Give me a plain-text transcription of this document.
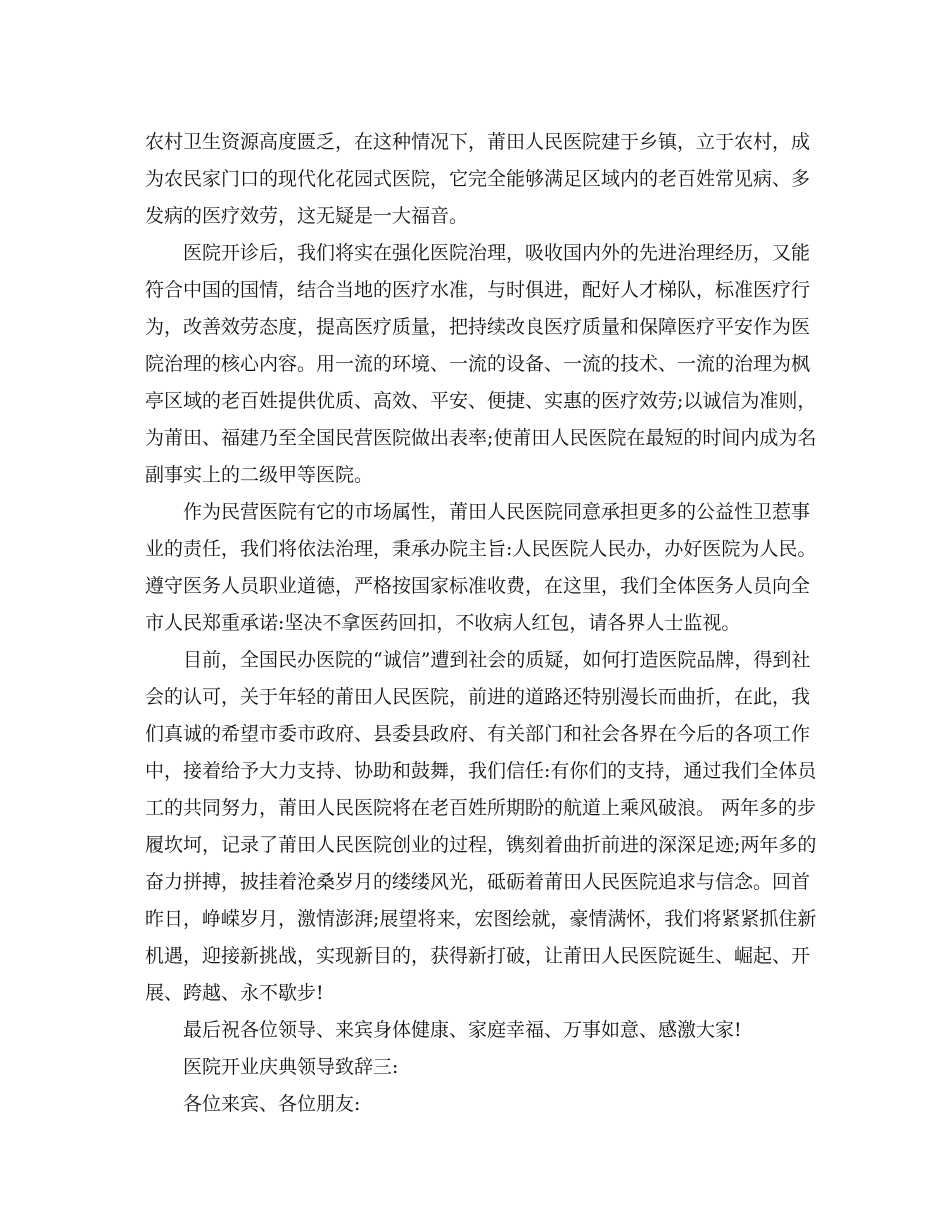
农村卫生资源高度匮乏，在这种情况下，莆田人民医院建于乡镇，立于农村，成
为农民家门口的现代化花园式医院，它完全能够满足区域内的老百姓常见病、多
发病的医疗效劳，这无疑是一大福音。
医院开诊后，我们将实在强化医院治理，吸收国内外的先进治理经历，又能
符合中国的国情，结合当地的医疗水准，与时俱进，配好人才梯队，标准医疗行
为，改善效劳态度，提高医疗质量，把持续改良医疗质量和保障医疗平安作为医
院治理的核心内容。用一流的环境、一流的设备、一流的技术、一流的治理为枫
亭区域的老百姓提供优质、高效、平安、便捷、实惠的医疗效劳;以诚信为准则，
为莆田、福建乃至全国民营医院做出表率;使莆田人民医院在最短的时间内成为名
副事实上的二级甲等医院。
作为民营医院有它的市场属性，莆田人民医院同意承担更多的公益性卫惹事
业的责任，我们将依法治理，秉承办院主旨:人民医院人民办，办好医院为人民。
遵守医务人员职业道德，严格按国家标准收费，在这里，我们全体医务人员向全
市人民郑重承诺:坚决不拿医药回扣，不收病人红包，请各界人士监视。
目前，全国民办医院的“诚信”遭到社会的质疑，如何打造医院品牌，得到社
会的认可，关于年轻的莆田人民医院，前进的道路还特别漫长而曲折，在此，我
们真诚的希望市委市政府、县委县政府、有关部门和社会各界在今后的各项工作
中，接着给予大力支持、协助和鼓舞，我们信任:有你们的支持，通过我们全体员
工的共同努力，莆田人民医院将在老百姓所期盼的航道上乘风破浪。 两年多的步
履坎坷，记录了莆田人民医院创业的过程，镌刻着曲折前进的深深足迹;两年多的
奋力拼搏，披挂着沧桑岁月的缕缕风光，砥砺着莆田人民医院追求与信念。回首
昨日，峥嵘岁月，激情澎湃;展望将来，宏图绘就，豪情满怀，我们将紧紧抓住新
机遇，迎接新挑战，实现新目的，获得新打破，让莆田人民医院诞生、崛起、开
展、跨越、永不歇步!
最后祝各位领导、来宾身体健康、家庭幸福、万事如意、感激大家!
医院开业庆典领导致辞三:
各位来宾、各位朋友:
